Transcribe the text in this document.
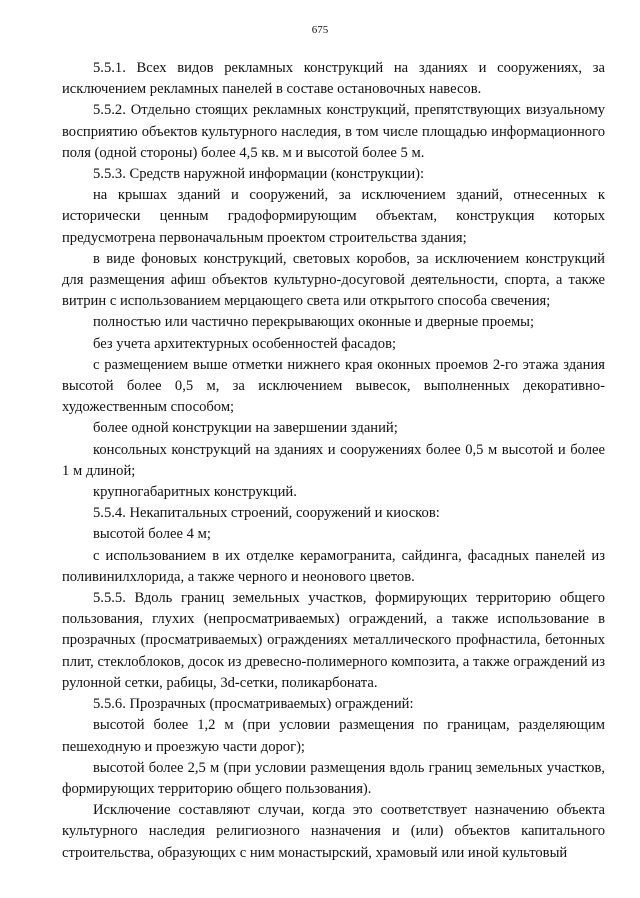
675

5.5.1. Всех видов рекламных конструкций на зданиях и сооружениях, за исключением рекламных панелей в составе остановочных навесов.

5.5.2. Отдельно стоящих рекламных конструкций, препятствующих визуальному восприятию объектов культурного наследия, в том числе площадью информационного поля (одной стороны) более 4,5 кв. м и высотой более 5 м.

5.5.3. Средств наружной информации (конструкции):

на крышах зданий и сооружений, за исключением зданий, отнесенных к исторически ценным градоформирующим объектам, конструкция которых предусмотрена первоначальным проектом строительства здания;

в виде фоновых конструкций, световых коробов, за исключением конструкций для размещения афиш объектов культурно-досуговой деятельности, спорта, а также витрин с использованием мерцающего света или открытого способа свечения;

полностью или частично перекрывающих оконные и дверные проемы;

без учета архитектурных особенностей фасадов;

с размещением выше отметки нижнего края оконных проемов 2-го этажа здания высотой более 0,5 м, за исключением вывесок, выполненных декоративно-художественным способом;

более одной конструкции на завершении зданий;

консольных конструкций на зданиях и сооружениях более 0,5 м высотой и более 1 м длиной;

крупногабаритных конструкций.

5.5.4. Некапитальных строений, сооружений и киосков:

высотой более 4 м;

с использованием в их отделке керамогранита, сайдинга, фасадных панелей из поливинилхлорида, а также черного и неонового цветов.

5.5.5. Вдоль границ земельных участков, формирующих территорию общего пользования, глухих (непросматриваемых) ограждений, а также использование в прозрачных (просматриваемых) ограждениях металлического профнастила, бетонных плит, стеклоблоков, досок из древесно-полимерного композита, а также ограждений из рулонной сетки, рабицы, 3d-сетки, поликарбоната.

5.5.6. Прозрачных (просматриваемых) ограждений:

высотой более 1,2 м (при условии размещения по границам, разделяющим пешеходную и проезжую части дорог);

высотой более 2,5 м (при условии размещения вдоль границ земельных участков, формирующих территорию общего пользования).

Исключение составляют случаи, когда это соответствует назначению объекта культурного наследия религиозного назначения и (или) объектов капитального строительства, образующих с ним монастырский, храмовый или иной культовый
